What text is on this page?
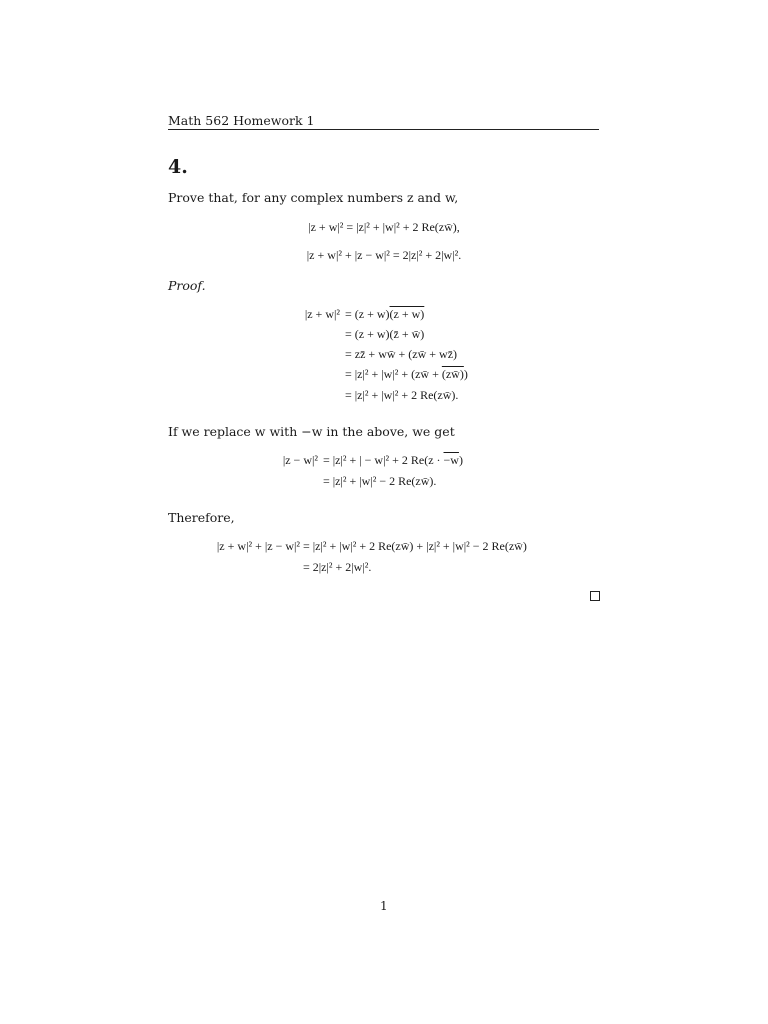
Math 562 Homework 1
4.
Prove that, for any complex numbers z and w,
|z + w|² = |z|² + |w|² + 2 Re(zw̄),
|z + w|² + |z − w|² = 2|z|² + 2|w|².
Proof.
|z + w|² = (z + w)(z + w)
= (z + w)(z̄ + w̄)
= zz̄ + ww̄ + (zw̄ + wz̄)
= |z|² + |w|² + (zw̄ + (zw̄))
= |z|² + |w|² + 2 Re(zw̄).
If we replace w with −w in the above, we get
|z − w|² = |z|² + | − w|² + 2 Re(z · −w)
= |z|² + |w|² − 2 Re(zw̄).
Therefore,
|z + w|² + |z − w|² = |z|² + |w|² + 2 Re(zw̄) + |z|² + |w|² − 2 Re(zw̄)
= 2|z|² + 2|w|².
1
